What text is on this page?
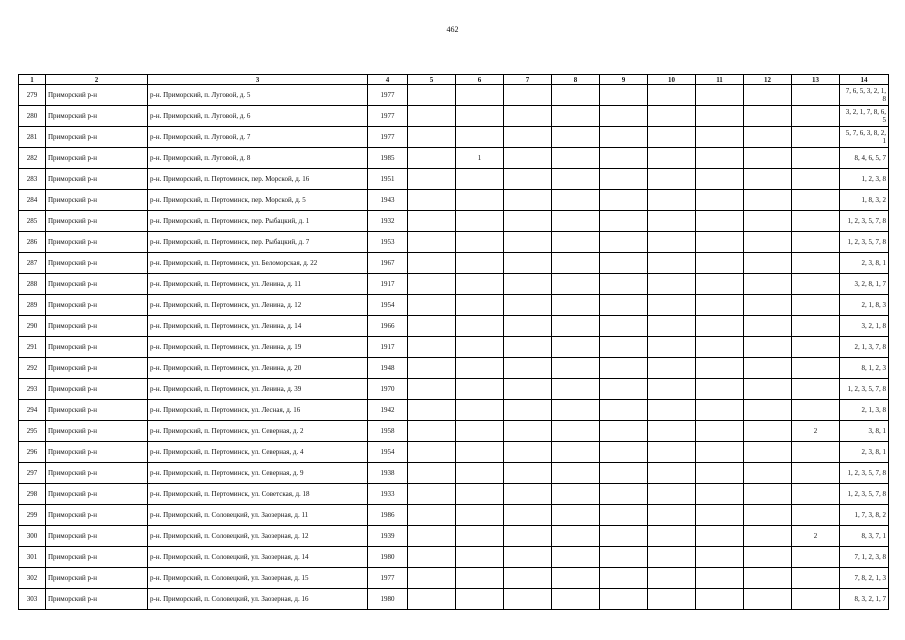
462
1	2	3	4	5	6	7	8	9	10	11	12	13	14
279	Приморский р-н	р-н. Приморский, п. Луговой, д. 5	1977										7, 6, 5, 3, 2, 1, 8
280	Приморский р-н	р-н. Приморский, п. Луговой, д. 6	1977										3, 2, 1, 7, 8, 6, 5
281	Приморский р-н	р-н. Приморский, п. Луговой, д. 7	1977										5, 7, 6, 3, 8, 2, 1
282	Приморский р-н	р-н. Приморский, п. Луговой, д. 8	1985		1								8, 4, 6, 5, 7
283	Приморский р-н	р-н. Приморский, п. Пертоминск, пер. Морской, д. 16	1951										1, 2, 3, 8
284	Приморский р-н	р-н. Приморский, п. Пертоминск, пер. Морской, д. 5	1943										1, 8, 3, 2
285	Приморский р-н	р-н. Приморский, п. Пертоминск, пер. Рыбацкий, д. 1	1932										1, 2, 3, 5, 7, 8
286	Приморский р-н	р-н. Приморский, п. Пертоминск, пер. Рыбацкий, д. 7	1953										1, 2, 3, 5, 7, 8
287	Приморский р-н	р-н. Приморский, п. Пертоминск, ул. Беломорская, д. 22	1967										2, 3, 8, 1
288	Приморский р-н	р-н. Приморский, п. Пертоминск, ул. Ленина, д. 11	1917										3, 2, 8, 1, 7
289	Приморский р-н	р-н. Приморский, п. Пертоминск, ул. Ленина, д. 12	1954										2, 1, 8, 3
290	Приморский р-н	р-н. Приморский, п. Пертоминск, ул. Ленина, д. 14	1966										3, 2, 1, 8
291	Приморский р-н	р-н. Приморский, п. Пертоминск, ул. Ленина, д. 19	1917										2, 1, 3, 7, 8
292	Приморский р-н	р-н. Приморский, п. Пертоминск, ул. Ленина, д. 20	1948										8, 1, 2, 3
293	Приморский р-н	р-н. Приморский, п. Пертоминск, ул. Ленина, д. 39	1970										1, 2, 3, 5, 7, 8
294	Приморский р-н	р-н. Приморский, п. Пертоминск, ул. Лесная, д. 16	1942										2, 1, 3, 8
295	Приморский р-н	р-н. Приморский, п. Пертоминск, ул. Северная, д. 2	1958									2	3, 8, 1
296	Приморский р-н	р-н. Приморский, п. Пертоминск, ул. Северная, д. 4	1954										2, 3, 8, 1
297	Приморский р-н	р-н. Приморский, п. Пертоминск, ул. Северная, д. 9	1938										1, 2, 3, 5, 7, 8
298	Приморский р-н	р-н. Приморский, п. Пертоминск, ул. Советская, д. 18	1933										1, 2, 3, 5, 7, 8
299	Приморский р-н	р-н. Приморский, п. Соловецкий, ул. Заозерная, д. 11	1986										1, 7, 3, 8, 2
300	Приморский р-н	р-н. Приморский, п. Соловецкий, ул. Заозерная, д. 12	1939									2	8, 3, 7, 1
301	Приморский р-н	р-н. Приморский, п. Соловецкий, ул. Заозерная, д. 14	1980										7, 1, 2, 3, 8
302	Приморский р-н	р-н. Приморский, п. Соловецкий, ул. Заозерная, д. 15	1977										7, 8, 2, 1, 3
303	Приморский р-н	р-н. Приморский, п. Соловецкий, ул. Заозерная, д. 16	1980										8, 3, 2, 1, 7
